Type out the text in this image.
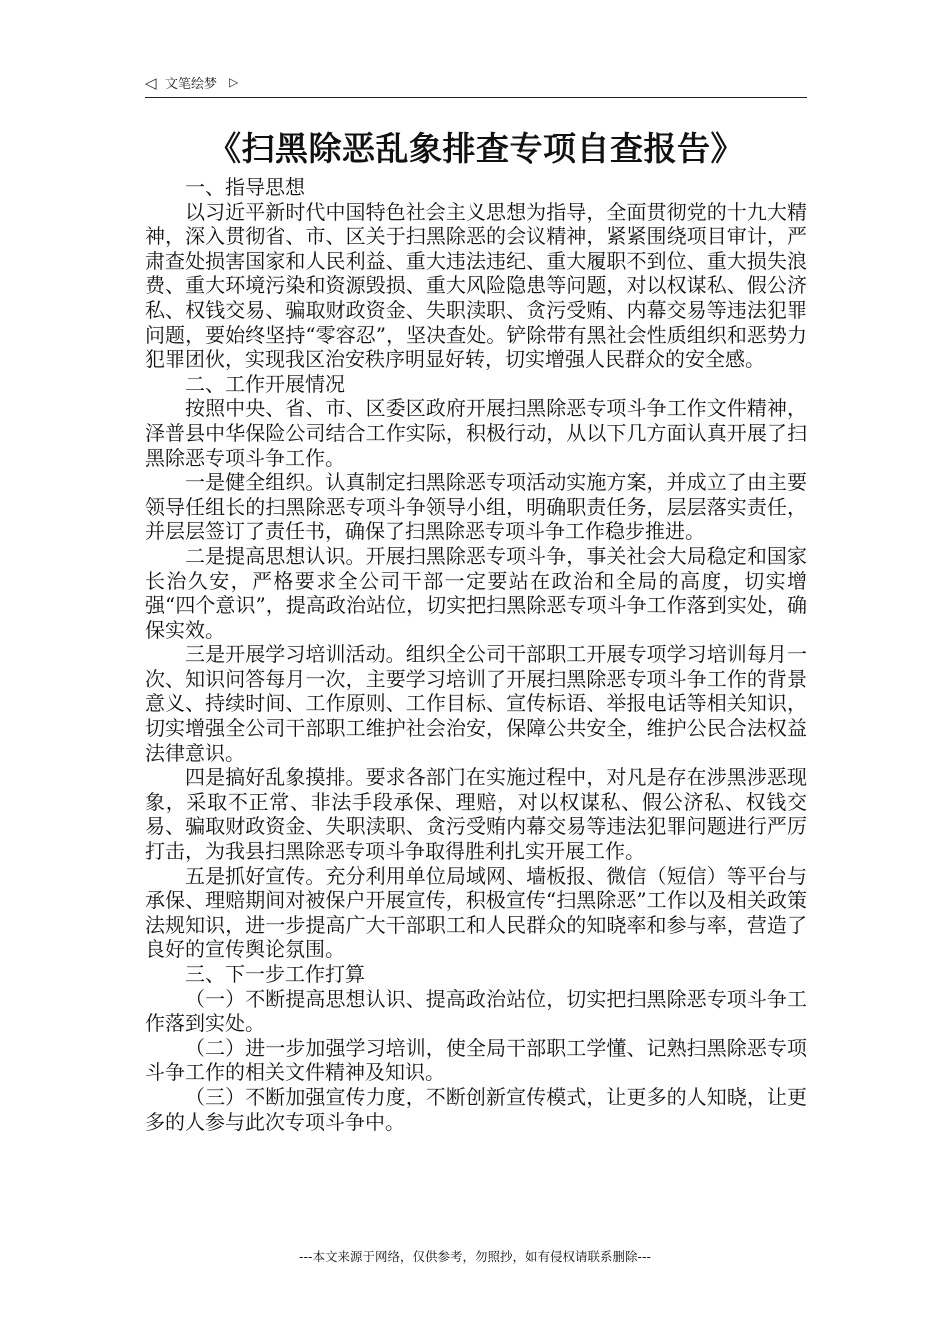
◁ 文笔绘梦 ▷
《扫黑除恶乱象排查专项自查报告》

一、指导思想

以习近平新时代中国特色社会主义思想为指导，全面贯彻党的十九大精神，深入贯彻省、市、区关于扫黑除恶的会议精神，紧紧围绕项目审计，严肃查处损害国家和人民利益、重大违法违纪、重大履职不到位、重大损失浪费、重大环境污染和资源毁损、重大风险隐患等问题，对以权谋私、假公济私、权钱交易、骗取财政资金、失职渎职、贪污受贿、内幕交易等违法犯罪问题，要始终坚持“零容忍”，坚决查处。铲除带有黑社会性质组织和恶势力犯罪团伙，实现我区治安秩序明显好转，切实增强人民群众的安全感。

二、工作开展情况

按照中央、省、市、区委区政府开展扫黑除恶专项斗争工作文件精神，泽普县中华保险公司结合工作实际，积极行动，从以下几方面认真开展了扫黑除恶专项斗争工作。

一是健全组织。认真制定扫黑除恶专项活动实施方案，并成立了由主要领导任组长的扫黑除恶专项斗争领导小组，明确职责任务，层层落实责任，并层层签订了责任书，确保了扫黑除恶专项斗争工作稳步推进。

二是提高思想认识。开展扫黑除恶专项斗争，事关社会大局稳定和国家长治久安，严格要求全公司干部一定要站在政治和全局的高度，切实增强“四个意识”，提高政治站位，切实把扫黑除恶专项斗争工作落到实处，确保实效。

三是开展学习培训活动。组织全公司干部职工开展专项学习培训每月一次、知识问答每月一次，主要学习培训了开展扫黑除恶专项斗争工作的背景意义、持续时间、工作原则、工作目标、宣传标语、举报电话等相关知识，切实增强全公司干部职工维护社会治安，保障公共安全，维护公民合法权益法律意识。

四是搞好乱象摸排。要求各部门在实施过程中，对凡是存在涉黑涉恶现象，采取不正常、非法手段承保、理赔，对以权谋私、假公济私、权钱交易、骗取财政资金、失职渎职、贪污受贿内幕交易等违法犯罪问题进行严厉打击，为我县扫黑除恶专项斗争取得胜利扎实开展工作。

五是抓好宣传。充分利用单位局域网、墙板报、微信（短信）等平台与承保、理赔期间对被保户开展宣传，积极宣传“扫黑除恶”工作以及相关政策法规知识，进一步提高广大干部职工和人民群众的知晓率和参与率，营造了良好的宣传舆论氛围。

三、下一步工作打算

（一）不断提高思想认识、提高政治站位，切实把扫黑除恶专项斗争工作落到实处。

（二）进一步加强学习培训，使全局干部职工学懂、记熟扫黑除恶专项斗争工作的相关文件精神及知识。

（三）不断加强宣传力度，不断创新宣传模式，让更多的人知晓，让更多的人参与此次专项斗争中。

---本文来源于网络，仅供参考，勿照抄，如有侵权请联系删除---
